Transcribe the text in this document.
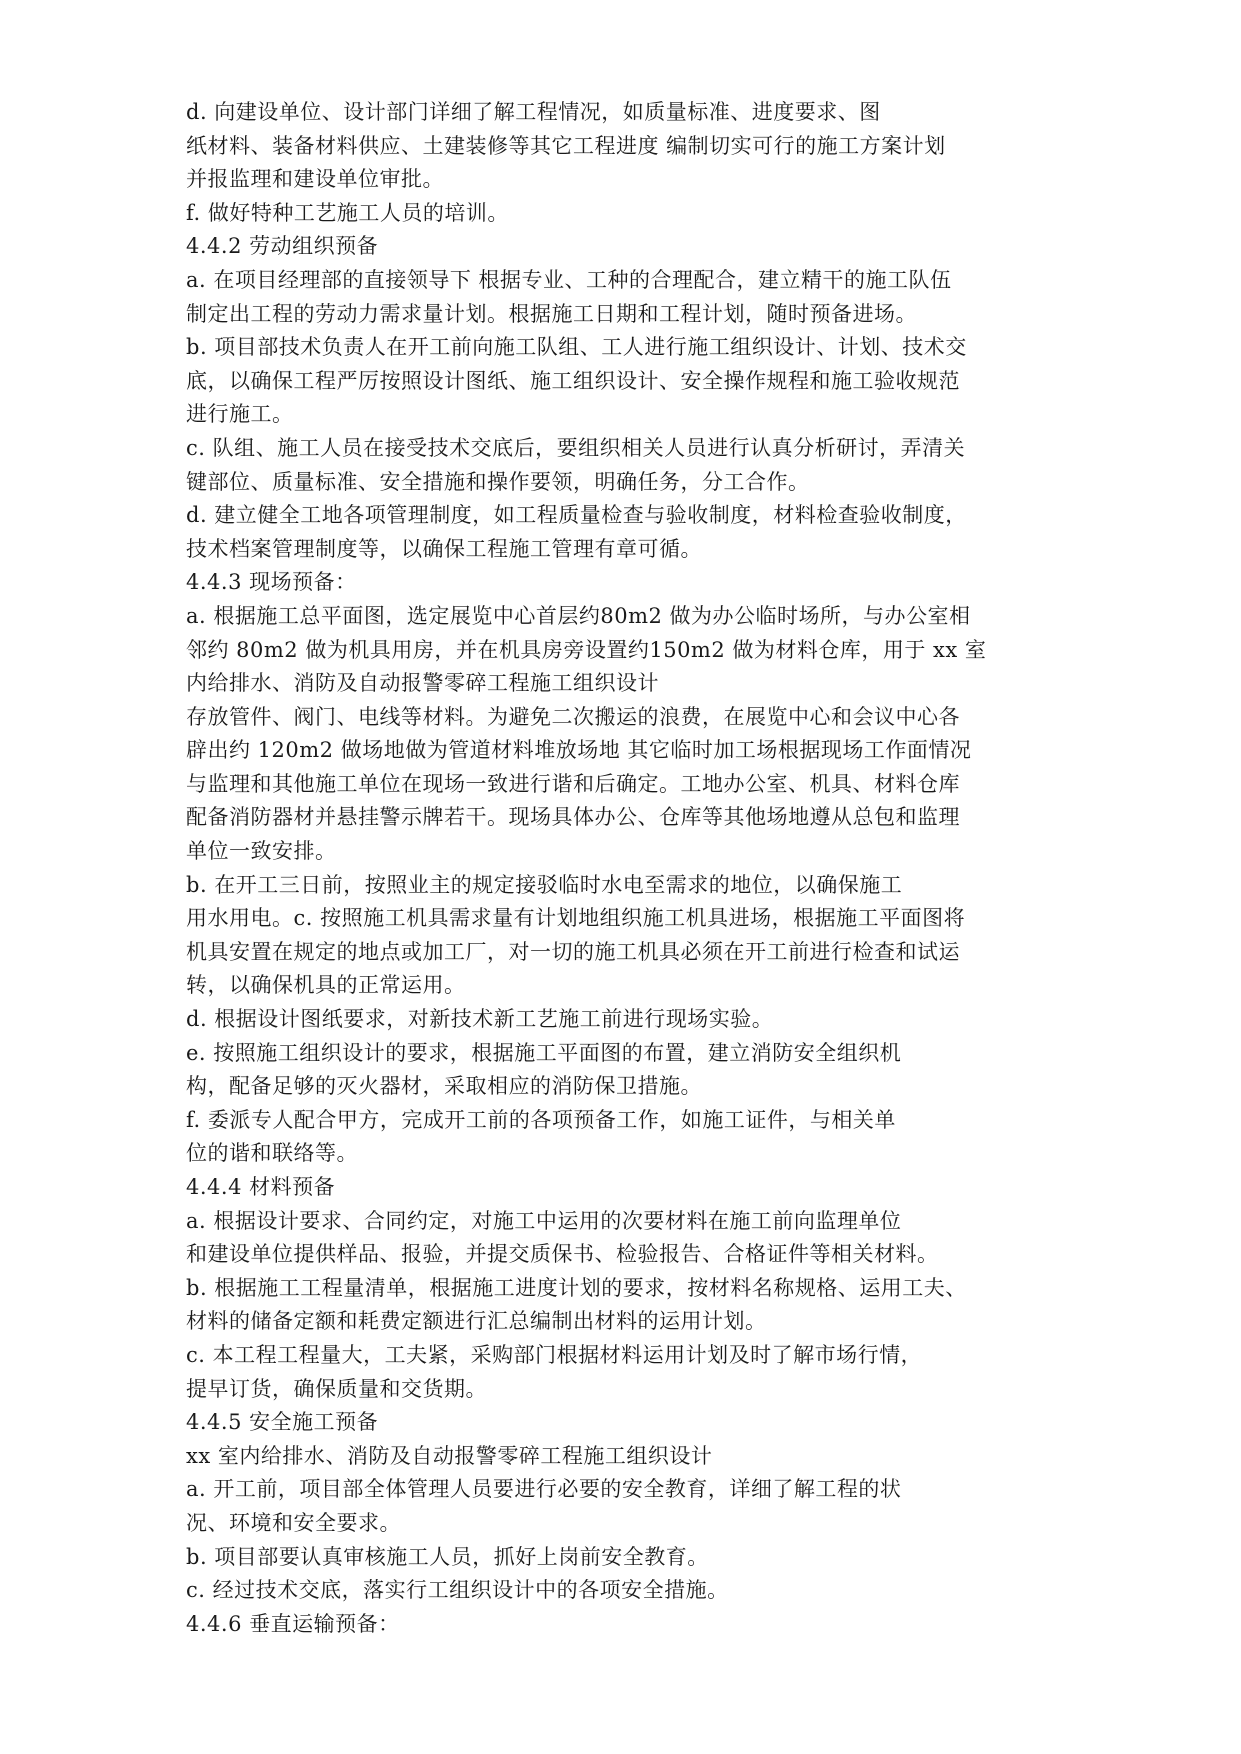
d. 向建设单位、设计部门详细了解工程情况，如质量标准、进度要求、图
纸材料、装备材料供应、土建装修等其它工程进度 编制切实可行的施工方案计划
并报监理和建设单位审批。
f. 做好特种工艺施工人员的培训。
4.4.2 劳动组织预备
a. 在项目经理部的直接领导下 根据专业、工种的合理配合，建立精干的施工队伍
制定出工程的劳动力需求量计划。根据施工日期和工程计划，随时预备进场。
b. 项目部技术负责人在开工前向施工队组、工人进行施工组织设计、计划、技术交
底，以确保工程严厉按照设计图纸、施工组织设计、安全操作规程和施工验收规范
进行施工。
c. 队组、施工人员在接受技术交底后，要组织相关人员进行认真分析研讨，弄清关
键部位、质量标准、安全措施和操作要领，明确任务，分工合作。
d. 建立健全工地各项管理制度，如工程质量检查与验收制度，材料检查验收制度，
技术档案管理制度等，以确保工程施工管理有章可循。
4.4.3 现场预备：
a. 根据施工总平面图，选定展览中心首层约80m2 做为办公临时场所，与办公室相
邻约 80m2 做为机具用房，并在机具房旁设置约150m2 做为材料仓库，用于 xx 室
内给排水、消防及自动报警零碎工程施工组织设计
存放管件、阀门、电线等材料。为避免二次搬运的浪费，在展览中心和会议中心各
辟出约 120m2 做场地做为管道材料堆放场地 其它临时加工场根据现场工作面情况
与监理和其他施工单位在现场一致进行谐和后确定。工地办公室、机具、材料仓库
配备消防器材并悬挂警示牌若干。现场具体办公、仓库等其他场地遵从总包和监理
单位一致安排。
b. 在开工三日前，按照业主的规定接驳临时水电至需求的地位，以确保施工
用水用电。c. 按照施工机具需求量有计划地组织施工机具进场，根据施工平面图将
机具安置在规定的地点或加工厂，对一切的施工机具必须在开工前进行检查和试运
转，以确保机具的正常运用。
d. 根据设计图纸要求，对新技术新工艺施工前进行现场实验。
e. 按照施工组织设计的要求，根据施工平面图的布置，建立消防安全组织机
构，配备足够的灭火器材，采取相应的消防保卫措施。
f. 委派专人配合甲方，完成开工前的各项预备工作，如施工证件，与相关单
位的谐和联络等。
4.4.4 材料预备
a. 根据设计要求、合同约定，对施工中运用的次要材料在施工前向监理单位
和建设单位提供样品、报验，并提交质保书、检验报告、合格证件等相关材料。
b. 根据施工工程量清单，根据施工进度计划的要求，按材料名称规格、运用工夫、
材料的储备定额和耗费定额进行汇总编制出材料的运用计划。
c. 本工程工程量大，工夫紧，采购部门根据材料运用计划及时了解市场行情，
提早订货，确保质量和交货期。
4.4.5 安全施工预备
xx 室内给排水、消防及自动报警零碎工程施工组织设计
a. 开工前，项目部全体管理人员要进行必要的安全教育，详细了解工程的状
况、环境和安全要求。
b. 项目部要认真审核施工人员，抓好上岗前安全教育。
c. 经过技术交底，落实行工组织设计中的各项安全措施。
4.4.6 垂直运输预备：
